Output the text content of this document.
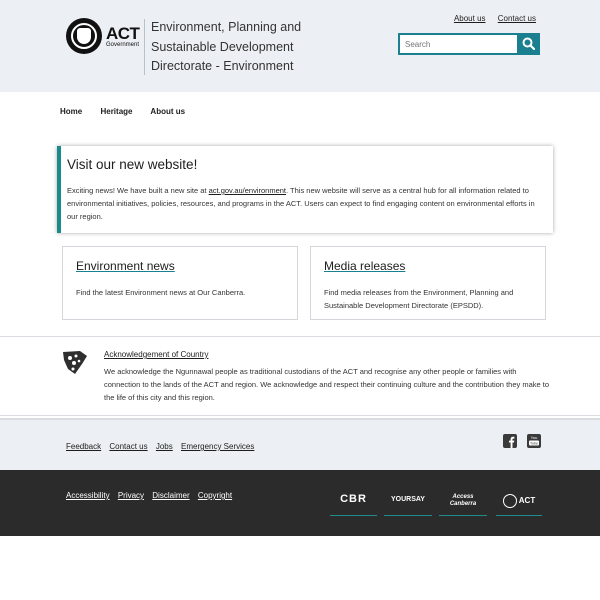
ACT
Government
Environment, Planning and Sustainable Development Directorate - Environment
About us Contact us
Search
Home Heritage About us
Visit our new website!

Exciting news! We have built a new site at act.gov.au/environment. This new website will serve as a central hub for all information related to environmental initiatives, policies, resources, and programs in the ACT. Users can expect to find engaging content on environmental efforts in our region.

Environment news

Find the latest Environment news at Our Canberra.

Media releases

Find media releases from the Environment, Planning and Sustainable Development Directorate (EPSDD).

Acknowledgement of Country

We acknowledge the Ngunnawal people as traditional custodians of the ACT and recognise any other people or families with connection to the lands of the ACT and region. We acknowledge and respect their continuing culture and the contribution they make to the life of this city and this region.

Feedback Contact us Jobs Emergency Services
You
Tube
Accessibility Privacy Disclaimer Copyright	CBR	YOURSAY	Access Canberra	ACT
